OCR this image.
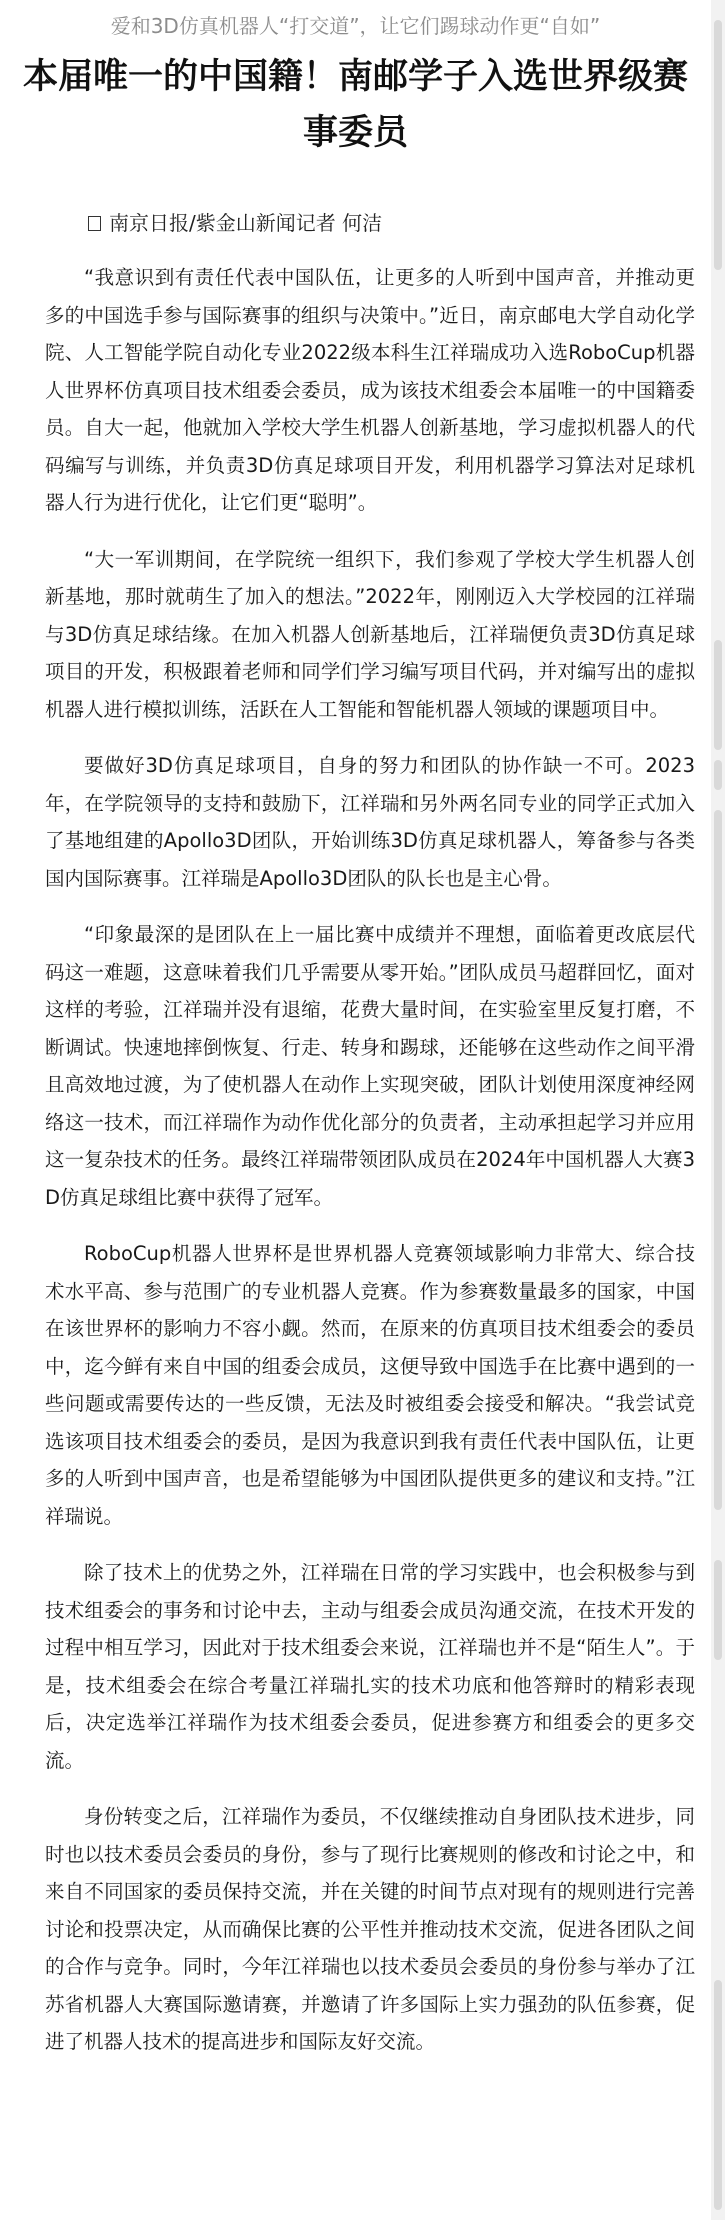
爱和3D仿真机器人“打交道”，让它们踢球动作更“自如”

本届唯一的中国籍！南邮学子入选世界级赛事委员
南京日报/紫金山新闻记者 何洁

“我意识到有责任代表中国队伍，让更多的人听到中国声音，并推动更多的中国选手参与国际赛事的组织与决策中。”近日，南京邮电大学自动化学院、人工智能学院自动化专业2022级本科生江祥瑞成功入选RoboCup机器人世界杯仿真项目技术组委会委员，成为该技术组委会本届唯一的中国籍委员。自大一起，他就加入学校大学生机器人创新基地，学习虚拟机器人的代码编写与训练，并负责3D仿真足球项目开发，利用机器学习算法对足球机器人行为进行优化，让它们更“聪明”。

“大一军训期间，在学院统一组织下，我们参观了学校大学生机器人创新基地，那时就萌生了加入的想法。”2022年，刚刚迈入大学校园的江祥瑞与3D仿真足球结缘。在加入机器人创新基地后，江祥瑞便负责3D仿真足球项目的开发，积极跟着老师和同学们学习编写项目代码，并对编写出的虚拟机器人进行模拟训练，活跃在人工智能和智能机器人领域的课题项目中。

要做好3D仿真足球项目，自身的努力和团队的协作缺一不可。2023年，在学院领导的支持和鼓励下，江祥瑞和另外两名同专业的同学正式加入了基地组建的Apollo3D团队，开始训练3D仿真足球机器人，筹备参与各类国内国际赛事。江祥瑞是Apollo3D团队的队长也是主心骨。

“印象最深的是团队在上一届比赛中成绩并不理想，面临着更改底层代码这一难题，这意味着我们几乎需要从零开始。”团队成员马超群回忆，面对这样的考验，江祥瑞并没有退缩，花费大量时间，在实验室里反复打磨，不断调试。快速地摔倒恢复、行走、转身和踢球，还能够在这些动作之间平滑且高效地过渡，为了使机器人在动作上实现突破，团队计划使用深度神经网络这一技术，而江祥瑞作为动作优化部分的负责者，主动承担起学习并应用这一复杂技术的任务。最终江祥瑞带领团队成员在2024年中国机器人大赛3D仿真足球组比赛中获得了冠军。

RoboCup机器人世界杯是世界机器人竞赛领域影响力非常大、综合技术水平高、参与范围广的专业机器人竞赛。作为参赛数量最多的国家，中国在该世界杯的影响力不容小觑。然而，在原来的仿真项目技术组委会的委员中，迄今鲜有来自中国的组委会成员，这便导致中国选手在比赛中遇到的一些问题或需要传达的一些反馈，无法及时被组委会接受和解决。“我尝试竞选该项目技术组委会的委员，是因为我意识到我有责任代表中国队伍，让更多的人听到中国声音，也是希望能够为中国团队提供更多的建议和支持。”江祥瑞说。

除了技术上的优势之外，江祥瑞在日常的学习实践中，也会积极参与到技术组委会的事务和讨论中去，主动与组委会成员沟通交流，在技术开发的过程中相互学习，因此对于技术组委会来说，江祥瑞也并不是“陌生人”。于是，技术组委会在综合考量江祥瑞扎实的技术功底和他答辩时的精彩表现后，决定选举江祥瑞作为技术组委会委员，促进参赛方和组委会的更多交流。

身份转变之后，江祥瑞作为委员，不仅继续推动自身团队技术进步，同时也以技术委员会委员的身份，参与了现行比赛规则的修改和讨论之中，和来自不同国家的委员保持交流，并在关键的时间节点对现有的规则进行完善讨论和投票决定，从而确保比赛的公平性并推动技术交流，促进各团队之间的合作与竞争。同时，今年江祥瑞也以技术委员会委员的身份参与举办了江苏省机器人大赛国际邀请赛，并邀请了许多国际上实力强劲的队伍参赛，促进了机器人技术的提高进步和国际友好交流。
